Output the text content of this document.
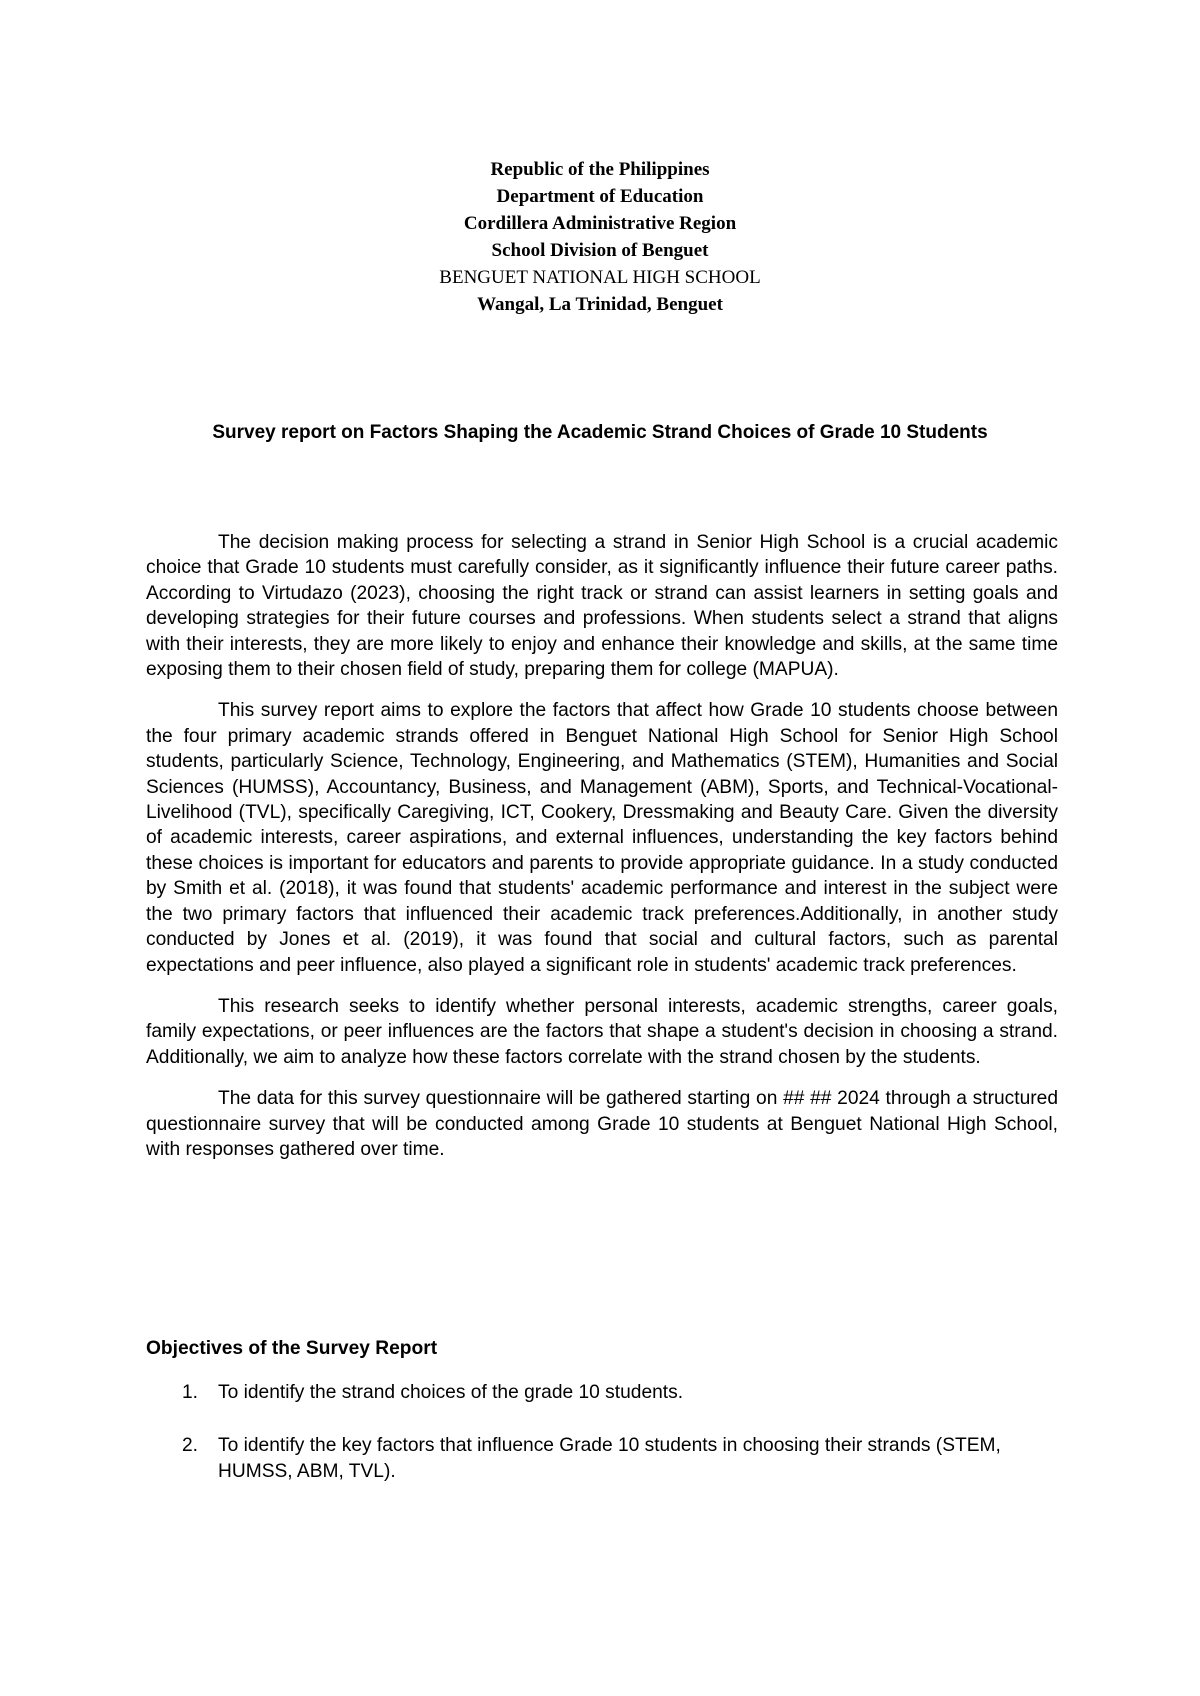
Republic of the Philippines
Department of Education
Cordillera Administrative Region
School Division of Benguet
BENGUET NATIONAL HIGH SCHOOL
Wangal, La Trinidad, Benguet
Survey report on Factors Shaping the Academic Strand Choices of Grade 10 Students

The decision making process for selecting a strand in Senior High School is a crucial academic choice that Grade 10 students must carefully consider, as it significantly influence their future career paths. According to Virtudazo (2023), choosing the right track or strand can assist learners in setting goals and developing strategies for their future courses and professions. When students select a strand that aligns with their interests, they are more likely to enjoy and enhance their knowledge and skills, at the same time exposing them to their chosen field of study, preparing them for college (MAPUA).

This survey report aims to explore the factors that affect how Grade 10 students choose between the four primary academic strands offered in Benguet National High School for Senior High School students, particularly Science, Technology, Engineering, and Mathematics (STEM), Humanities and Social Sciences (HUMSS), Accountancy, Business, and Management (ABM), Sports, and Technical-Vocational-Livelihood (TVL), specifically Caregiving, ICT, Cookery, Dressmaking and Beauty Care. Given the diversity of academic interests, career aspirations, and external influences, understanding the key factors behind these choices is important for educators and parents to provide appropriate guidance. In a study conducted by Smith et al. (2018), it was found that students' academic performance and interest in the subject were the two primary factors that influenced their academic track preferences.Additionally, in another study conducted by Jones et al. (2019), it was found that social and cultural factors, such as parental expectations and peer influence, also played a significant role in students' academic track preferences.

This research seeks to identify whether personal interests, academic strengths, career goals, family expectations, or peer influences are the factors that shape a student's decision in choosing a strand. Additionally, we aim to analyze how these factors correlate with the strand chosen by the students.

The data for this survey questionnaire will be gathered starting on ## ## 2024 through a structured questionnaire survey that will be conducted among Grade 10 students at Benguet National High School, with responses gathered over time.

Objectives of the Survey Report
1. To identify the strand choices of the grade 10 students.
2. To identify the key factors that influence Grade 10 students in choosing their strands (STEM, HUMSS, ABM, TVL).
